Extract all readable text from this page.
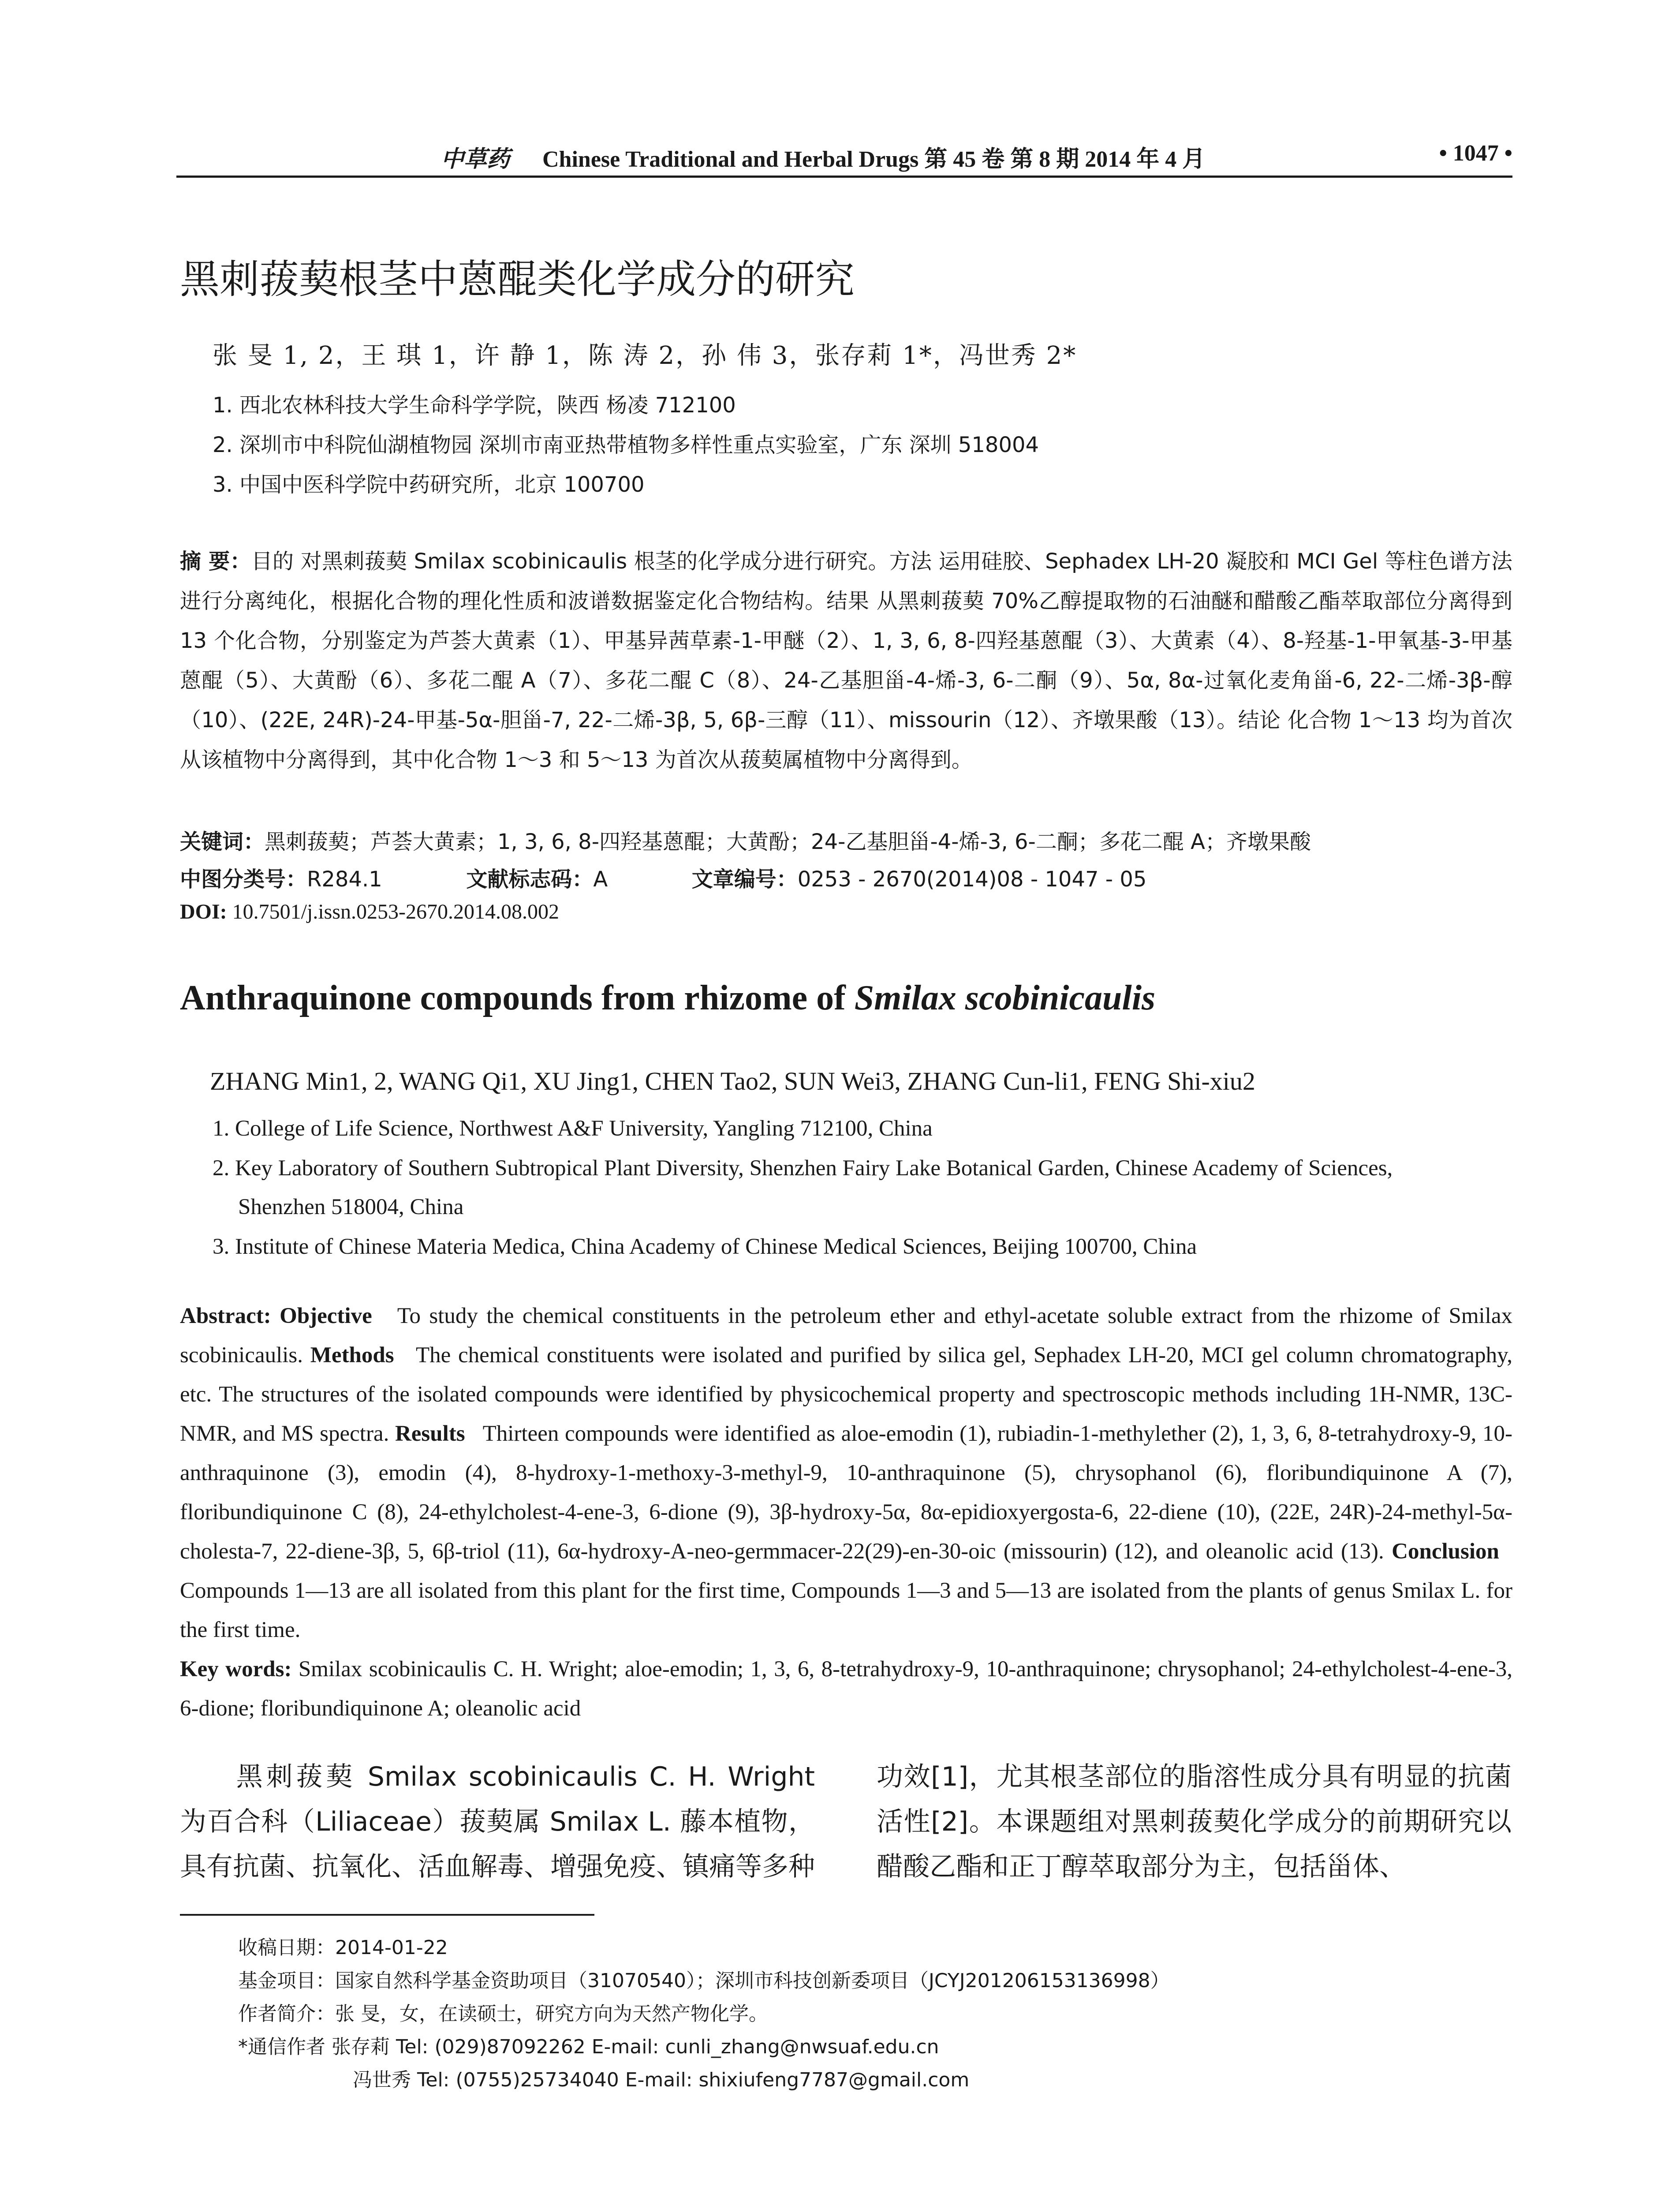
中草药 Chinese Traditional and Herbal Drugs 第 45 卷 第 8 期 2014 年 4 月	• 1047 •
黑刺菝葜根茎中蒽醌类化学成分的研究
张 旻 1, 2，王 琪 1，许 静 1，陈 涛 2，孙 伟 3，张存莉 1*，冯世秀 2*
1. 西北农林科技大学生命科学学院，陕西 杨凌 712100
2. 深圳市中科院仙湖植物园 深圳市南亚热带植物多样性重点实验室，广东 深圳 518004
3. 中国中医科学院中药研究所，北京 100700

摘 要：目的 对黑刺菝葜 Smilax scobinicaulis 根茎的化学成分进行研究。方法 运用硅胶、Sephadex LH-20 凝胶和 MCI Gel 等柱色谱方法进行分离纯化，根据化合物的理化性质和波谱数据鉴定化合物结构。结果 从黑刺菝葜 70%乙醇提取物的石油醚和醋酸乙酯萃取部位分离得到 13 个化合物，分别鉴定为芦荟大黄素（1）、甲基异茜草素-1-甲醚（2）、1, 3, 6, 8-四羟基蒽醌（3）、大黄素（4）、8-羟基-1-甲氧基-3-甲基蒽醌（5）、大黄酚（6）、多花二醌 A（7）、多花二醌 C（8）、24-乙基胆甾-4-烯-3, 6-二酮（9）、5α, 8α-过氧化麦角甾-6, 22-二烯-3β-醇（10）、(22E, 24R)-24-甲基-5α-胆甾-7, 22-二烯-3β, 5, 6β-三醇（11）、missourin（12）、齐墩果酸（13）。结论 化合物 1～13 均为首次从该植物中分离得到，其中化合物 1～3 和 5～13 为首次从菝葜属植物中分离得到。

关键词：黑刺菝葜；芦荟大黄素；1, 3, 6, 8-四羟基蒽醌；大黄酚；24-乙基胆甾-4-烯-3, 6-二酮；多花二醌 A；齐墩果酸
中图分类号：R284.1	文献标志码：A	文章编号：0253 - 2670(2014)08 - 1047 - 05
DOI: 10.7501/j.issn.0253-2670.2014.08.002
Anthraquinone compounds from rhizome of Smilax scobinicaulis
ZHANG Min1, 2, WANG Qi1, XU Jing1, CHEN Tao2, SUN Wei3, ZHANG Cun-li1, FENG Shi-xiu2
1. College of Life Science, Northwest A&F University, Yangling 712100, China
2. Key Laboratory of Southern Subtropical Plant Diversity, Shenzhen Fairy Lake Botanical Garden, Chinese Academy of Sciences,
Shenzhen 518004, China
3. Institute of Chinese Materia Medica, China Academy of Chinese Medical Sciences, Beijing 100700, China

Abstract: Objective To study the chemical constituents in the petroleum ether and ethyl-acetate soluble extract from the rhizome of Smilax scobinicaulis. Methods The chemical constituents were isolated and purified by silica gel, Sephadex LH-20, MCI gel column chromatography, etc. The structures of the isolated compounds were identified by physicochemical property and spectroscopic methods including 1H-NMR, 13C-NMR, and MS spectra. Results Thirteen compounds were identified as aloe-emodin (1), rubiadin-1-methylether (2), 1, 3, 6, 8-tetrahydroxy-9, 10-anthraquinone (3), emodin (4), 8-hydroxy-1-methoxy-3-methyl-9, 10-anthraquinone (5), chrysophanol (6), floribundiquinone A (7), floribundiquinone C (8), 24-ethylcholest-4-ene-3, 6-dione (9), 3β-hydroxy-5α, 8α-epidioxyergosta-6, 22-diene (10), (22E, 24R)-24-methyl-5α-cholesta-7, 22-diene-3β, 5, 6β-triol (11), 6α-hydroxy-A-neo-germmacer-22(29)-en-30-oic (missourin) (12), and oleanolic acid (13). Conclusion   Compounds 1—13 are all isolated from this plant for the first time, Compounds 1—3 and 5—13 are isolated from the plants of genus Smilax L. for the first time.
Key words: Smilax scobinicaulis C. H. Wright; aloe-emodin; 1, 3, 6, 8-tetrahydroxy-9, 10-anthraquinone; chrysophanol; 24-ethylcholest-4-ene-3, 6-dione; floribundiquinone A; oleanolic acid

黑刺菝葜 Smilax scobinicaulis C. H. Wright 为百合科（Liliaceae）菝葜属 Smilax L. 藤本植物，具有抗菌、抗氧化、活血解毒、增强免疫、镇痛等多种

功效[1]，尤其根茎部位的脂溶性成分具有明显的抗菌活性[2]。本课题组对黑刺菝葜化学成分的前期研究以醋酸乙酯和正丁醇萃取部分为主，包括甾体、

收稿日期：2014-01-22
基金项目：国家自然科学基金资助项目（31070540）；深圳市科技创新委项目（JCYJ201206153136998）
作者简介：张 旻，女，在读硕士，研究方向为天然产物化学。
*通信作者 张存莉 Tel: (029)87092262 E-mail: cunli_zhang@nwsuaf.edu.cn
冯世秀 Tel: (0755)25734040 E-mail: shixiufeng7787@gmail.com
